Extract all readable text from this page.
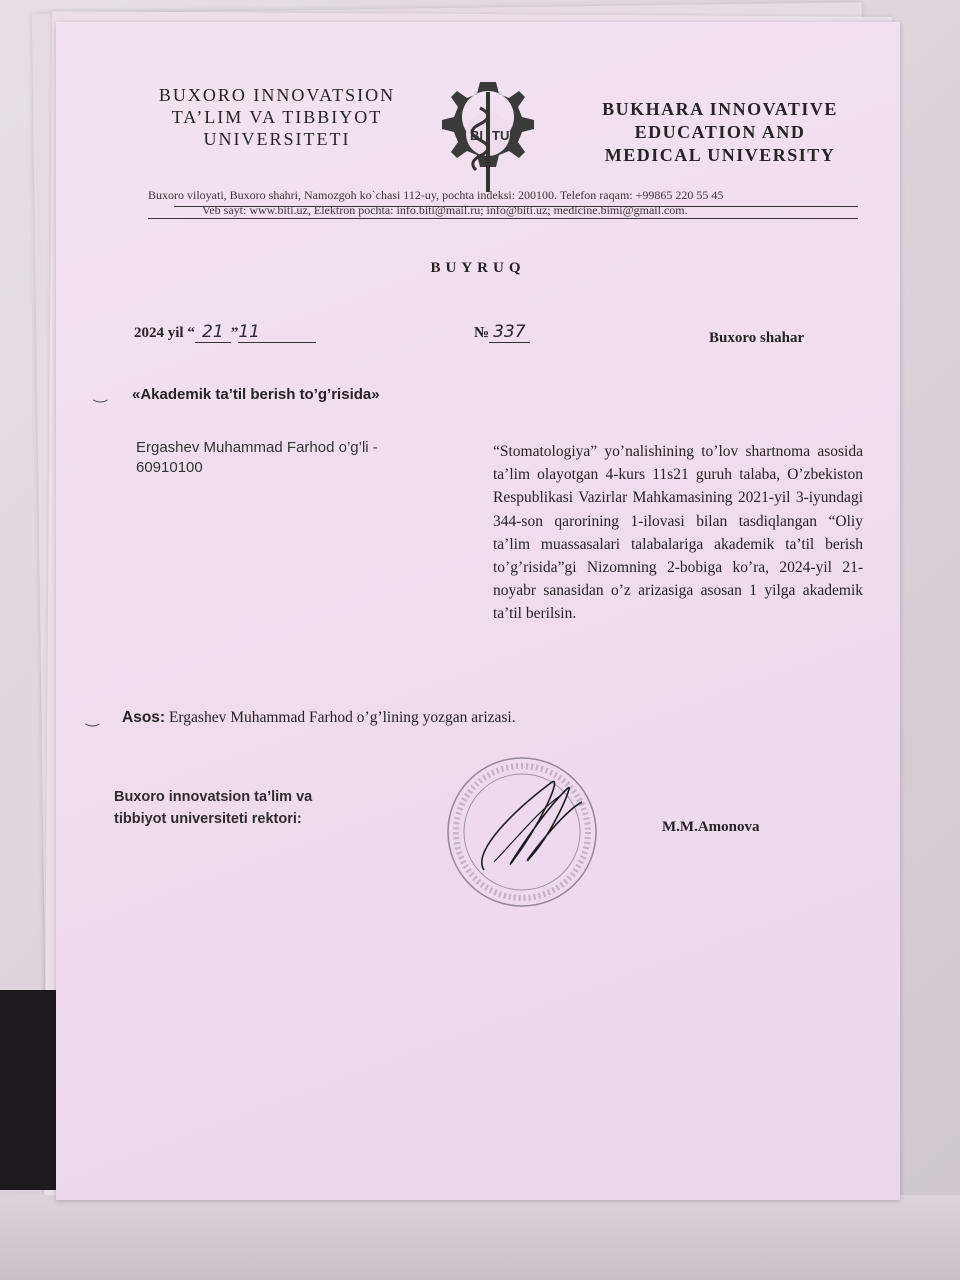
BUXORO INNOVATSION
TA’LIM VA TIBBIYOT
UNIVERSITETI	BI TU
BUKHARA INNOVATIVE
EDUCATION AND
MEDICAL UNIVERSITY
Buxoro viloyati, Buxoro shahri, Namozgoh ko`chasi 112-uy, pochta indeksi: 200100. Telefon raqam: +99865 220 55 45
Veb sayt: www.biti.uz, Elektron pochta: info.biti@mail.ru; info@biti.uz; medicine.bimi@gmail.com.
BUYRUQ
2024 yil “ 21 ”11	№ 337	Buxoro shahar
‿ «Akademik ta’til berish to’g’risida»
Ergashev Muhammad Farhod o’g’li - 60910100
“Stomatologiya” yo’nalishining to’lov shartnoma asosida ta’lim olayotgan 4-kurs 11s21 guruh talaba, O’zbekiston Respublikasi Vazirlar Mahkamasining 2021-yil 3-iyundagi 344-son qarorining 1-ilovasi bilan tasdiqlangan “Oliy ta’lim muassasalari talabalariga akademik ta’til berish to’g’risida”gi Nizomning 2-bobiga ko’ra, 2024-yil 21-noyabr sanasidan o’z arizasiga asosan 1 yilga akademik ta’til berilsin.
‿ Asos: Ergashev Muhammad Farhod o’g’lining yozgan arizasi.
Buxoro innovatsion ta’lim va
tibbiyot universiteti rektori:	M.M.Amonova
